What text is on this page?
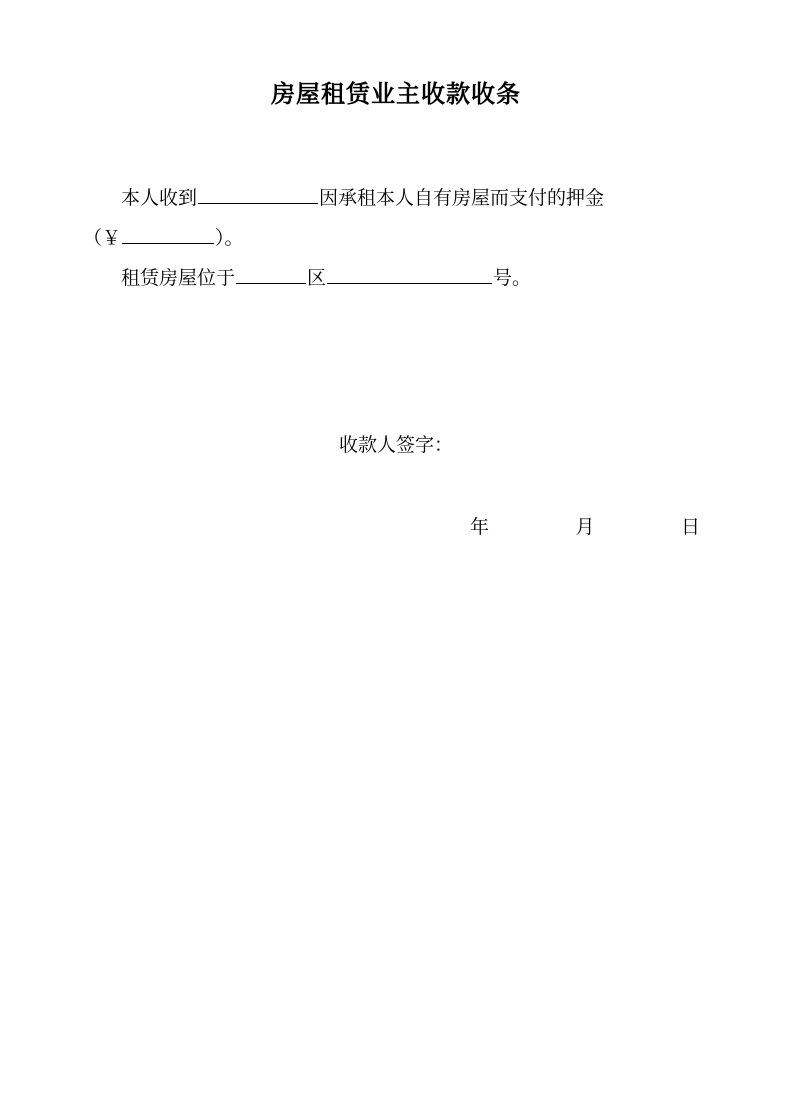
房屋租赁业主收款收条
本人收到	因承租本人自有房屋而支付的押金
（￥	）。
租赁房屋位于	区	号。
收款人签字：
年	月	日
